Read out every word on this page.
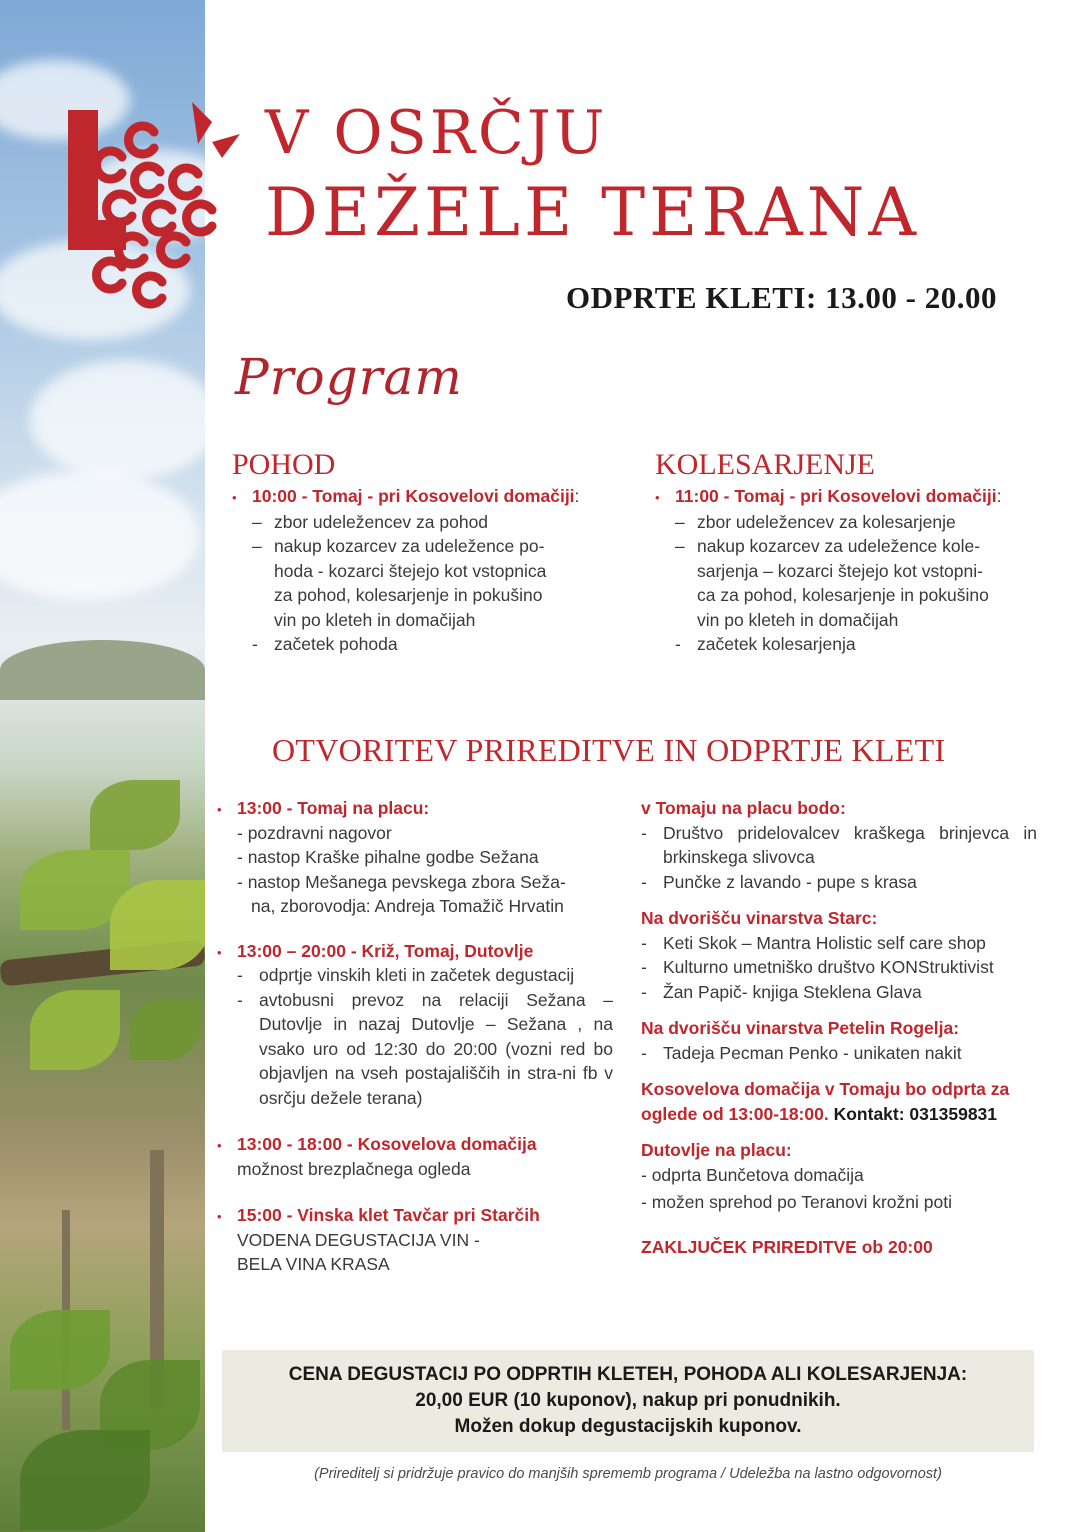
V OSRČJU
DEŽELE TERANA
ODPRTE KLETI: 13.00 - 20.00
Program
POHOD
• 10:00 - Tomaj - pri Kosovelovi domačiji:
– zbor udeležencev za pohod
– nakup kozarcev za udeležence po-
hoda - kozarci štejejo kot vstopnica
za pohod, kolesarjenje in pokušino
vin po kleteh in domačijah
- začetek pohoda
KOLESARJENJE
• 11:00 - Tomaj - pri Kosovelovi domačiji:
– zbor udeležencev za kolesarjenje
– nakup kozarcev za udeležence kole-
sarjenja – kozarci štejejo kot vstopni-
ca za pohod, kolesarjenje in pokušino
vin po kleteh in domačijah
- začetek kolesarjenja
OTVORITEV PRIREDITVE IN ODPRTJE KLETI
• 13:00 - Tomaj na placu:
- pozdravni nagovor
- nastop Kraške pihalne godbe Sežana
- nastop Mešanega pevskega zbora Seža-
na, zborovodja: Andreja Tomažič Hrvatin
• 13:00 – 20:00 - Križ, Tomaj, Dutovlje
- odprtje vinskih kleti in začetek degustacij
- avtobusni prevoz na relaciji Sežana – Dutovlje in nazaj Dutovlje – Sežana , na vsako uro od 12:30 do 20:00 (vozni red bo objavljen na vseh postajališčih in stra-ni fb v osrčju dežele terana)
• 13:00 - 18:00 - Kosovelova domačija
možnost brezplačnega ogleda
• 15:00 - Vinska klet Tavčar pri Starčih
VODENA DEGUSTACIJA VIN -
BELA VINA KRASA
v Tomaju na placu bodo:
- Društvo pridelovalcev kraškega brinjevca in brkinskega slivovca
- Punčke z lavando - pupe s krasa
Na dvorišču vinarstva Starc:
- Keti Skok – Mantra Holistic self care shop
- Kulturno umetniško društvo KONStruktivist
- Žan Papič- knjiga Steklena Glava
Na dvorišču vinarstva Petelin Rogelja:
- Tadeja Pecman Penko - unikaten nakit
Kosovelova domačija v Tomaju bo odprta za oglede od 13:00-18:00. Kontakt: 031359831
Dutovlje na placu:
- odprta Bunčetova domačija
- možen sprehod po Teranovi krožni poti
ZAKLJUČEK PRIREDITVE ob 20:00
CENA DEGUSTACIJ PO ODPRTIH KLETEH, POHODA ALI KOLESARJENJA:
20,00 EUR (10 kuponov), nakup pri ponudnikih.
Možen dokup degustacijskih kuponov.
(Prireditelj si pridržuje pravico do manjših sprememb programa / Udeležba na lastno odgovornost)
